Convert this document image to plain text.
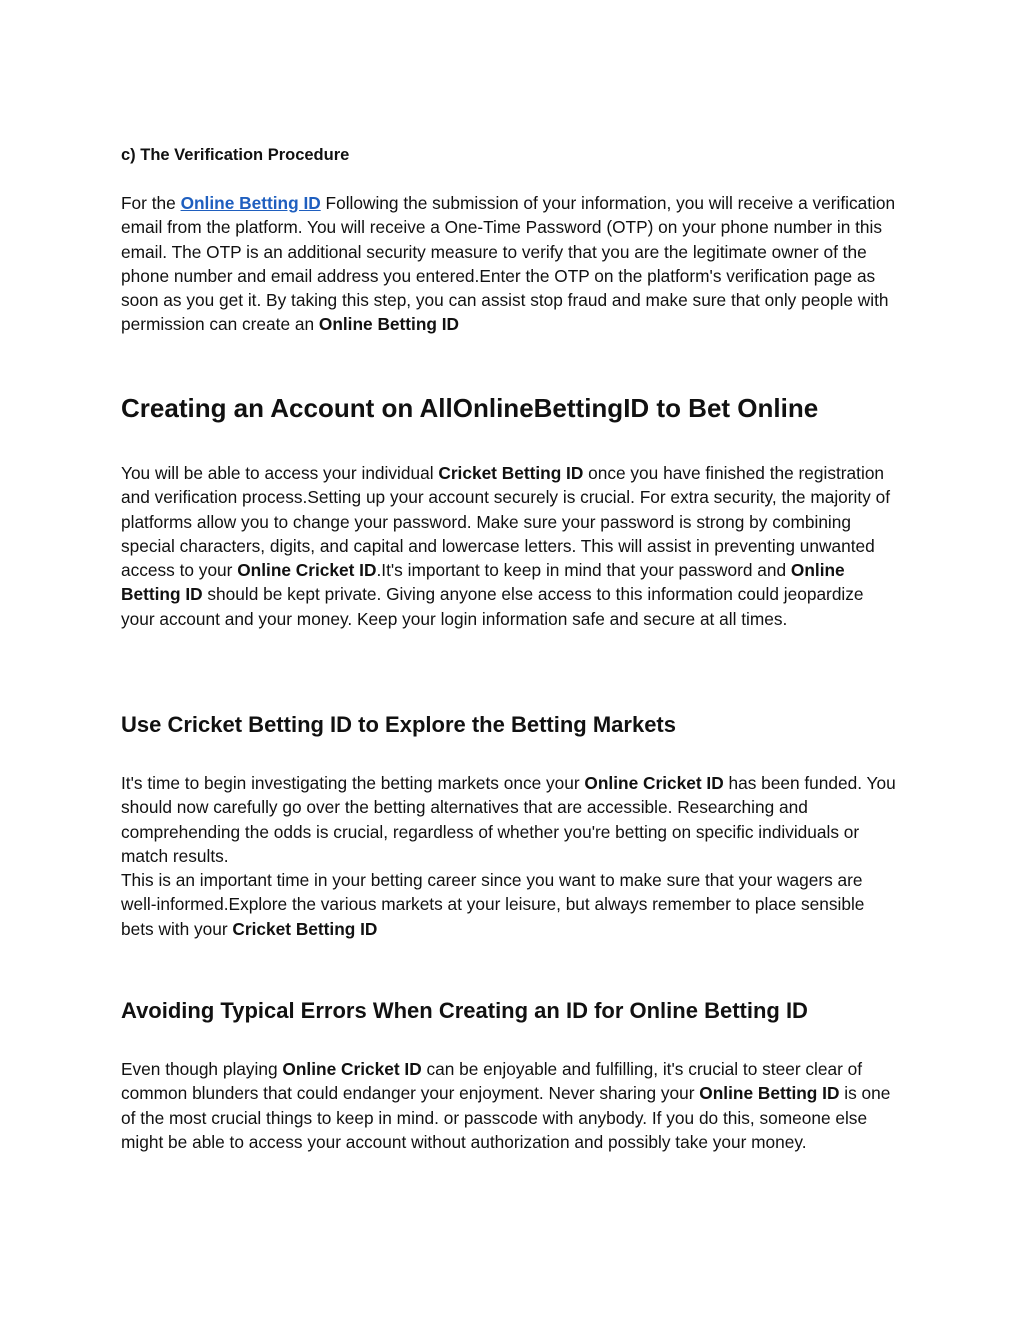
c) The Verification Procedure

For the Online Betting ID Following the submission of your information, you will receive a verification email from the platform. You will receive a One-Time Password (OTP) on your phone number in this email. The OTP is an additional security measure to verify that you are the legitimate owner of the phone number and email address you entered.Enter the OTP on the platform's verification page as soon as you get it. By taking this step, you can assist stop fraud and make sure that only people with permission can create an Online Betting ID

Creating an Account on AllOnlineBettingID to Bet Online

You will be able to access your individual Cricket Betting ID once you have finished the registration and verification process.Setting up your account securely is crucial. For extra security, the majority of platforms allow you to change your password. Make sure your password is strong by combining special characters, digits, and capital and lowercase letters. This will assist in preventing unwanted access to your Online Cricket ID.It's important to keep in mind that your password and Online Betting ID should be kept private. Giving anyone else access to this information could jeopardize your account and your money. Keep your login information safe and secure at all times.

Use Cricket Betting ID to Explore the Betting Markets

It's time to begin investigating the betting markets once your Online Cricket ID has been funded. You should now carefully go over the betting alternatives that are accessible. Researching and comprehending the odds is crucial, regardless of whether you're betting on specific individuals or match results.
This is an important time in your betting career since you want to make sure that your wagers are well-informed.Explore the various markets at your leisure, but always remember to place sensible bets with your Cricket Betting ID

Avoiding Typical Errors When Creating an ID for Online Betting ID

Even though playing Online Cricket ID can be enjoyable and fulfilling, it's crucial to steer clear of common blunders that could endanger your enjoyment. Never sharing your Online Betting ID is one of the most crucial things to keep in mind. or passcode with anybody. If you do this, someone else might be able to access your account without authorization and possibly take your money.
